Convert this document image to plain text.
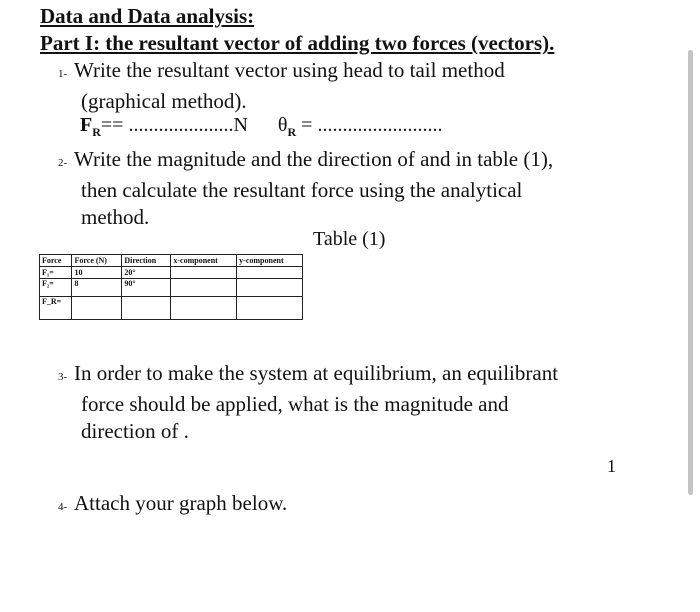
Data and Data analysis:
Part I: the resultant vector of adding two forces (vectors).
1- Write the resultant vector using head to tail method
(graphical method).
$F_R== .....................N$ $\theta_R$ = .........................
2- Write the magnitude and the direction of and in table (1),
then calculate the resultant force using the analytical
method.
Table (1)
Force	Force (N)	Direction	x-component	y-component
F₁=	10	20°		
F₂=	8	90°		
F_R=				
3- In order to make the system at equilibrium, an equilibrant
force should be applied, what is the magnitude and
direction of .
1
4- Attach your graph below.
